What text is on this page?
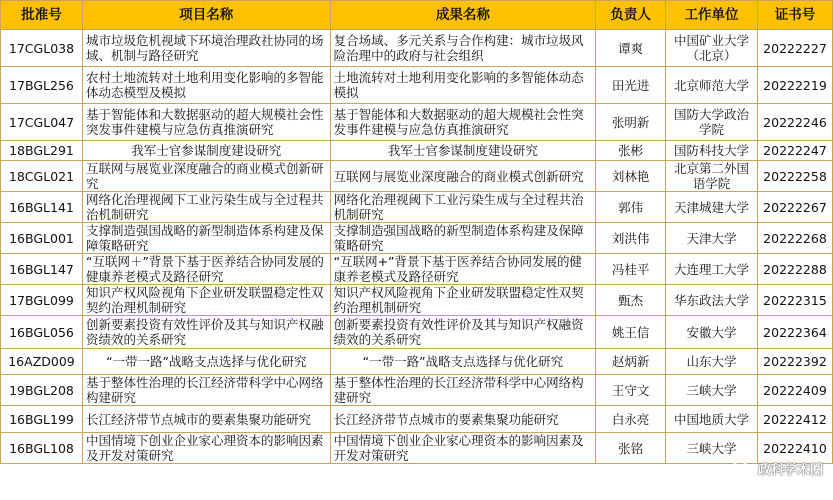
批准号	项目名称	成果名称	负责人	工作单位	证书号
17CGL038	城市垃圾危机视域下环境治理政社协同的场域、机制与路径研究	复合场域、多元关系与合作构建：城市垃圾风险治理中的政府与社会组织	谭爽	中国矿业大学（北京）	20222227
17BGL256	农村土地流转对土地利用变化影响的多智能体动态模型及模拟	土地流转对土地利用变化影响的多智能体动态模拟	田光进	北京师范大学	20222219
17CGL047	基于智能体和大数据驱动的超大规模社会性突发事件建模与应急仿真推演研究	基于智能体和大数据驱动的超大规模社会性突发事件建模与应急仿真推演研究	张明新	国防大学政治学院	20222246
18BGL291	我军士官参谋制度建设研究	我军士官参谋制度建设研究	张彬	国防科技大学	20222247
18CGL021	互联网与展览业深度融合的商业模式创新研究	互联网与展览业深度融合的商业模式创新研究	刘林艳	北京第二外国语学院	20222258
16BGL141	网络化治理视阈下工业污染生成与全过程共治机制研究	网络化治理视阈下工业污染生成与全过程共治机制研究	郭伟	天津城建大学	20222267
16BGL001	支撑制造强国战略的新型制造体系构建及保障策略研究	支撑制造强国战略的新型制造体系构建及保障策略研究	刘洪伟	天津大学	20222268
16BGL147	“互联网＋”背景下基于医养结合协同发展的健康养老模式及路径研究	“互联网+”背景下基于医养结合协同发展的健康养老模式及路径研究	冯桂平	大连理工大学	20222288
17BGL099	知识产权风险视角下企业研发联盟稳定性双契约治理机制研究	知识产权风险视角下企业研发联盟稳定性双契约治理机制研究	甄杰	华东政法大学	20222315
16BGL056	创新要素投资有效性评价及其与知识产权融资绩效的关系研究	创新要素投资有效性评价及其与知识产权融资绩效的关系研究	姚王信	安徽大学	20222364
16AZD009	“一带一路”战略支点选择与优化研究	“一带一路”战略支点选择与优化研究	赵炳新	山东大学	20222392
19BGL208	基于整体性治理的长江经济带科学中心网络构建研究	基于整体性治理的长江经济带科学中心网络构建研究	王守文	三峡大学	20222409
16BGL199	长江经济带节点城市的要素集聚功能研究	长江经济带节点城市的要素集聚功能研究	白永亮	中国地质大学	20222412
16BGL108	中国情境下创业企业家心理资本的影响因素及开发对策研究	中国情境下创业企业家心理资本的影响因素及开发对策研究	张铭	三峡大学	20222410
政科学术圈
